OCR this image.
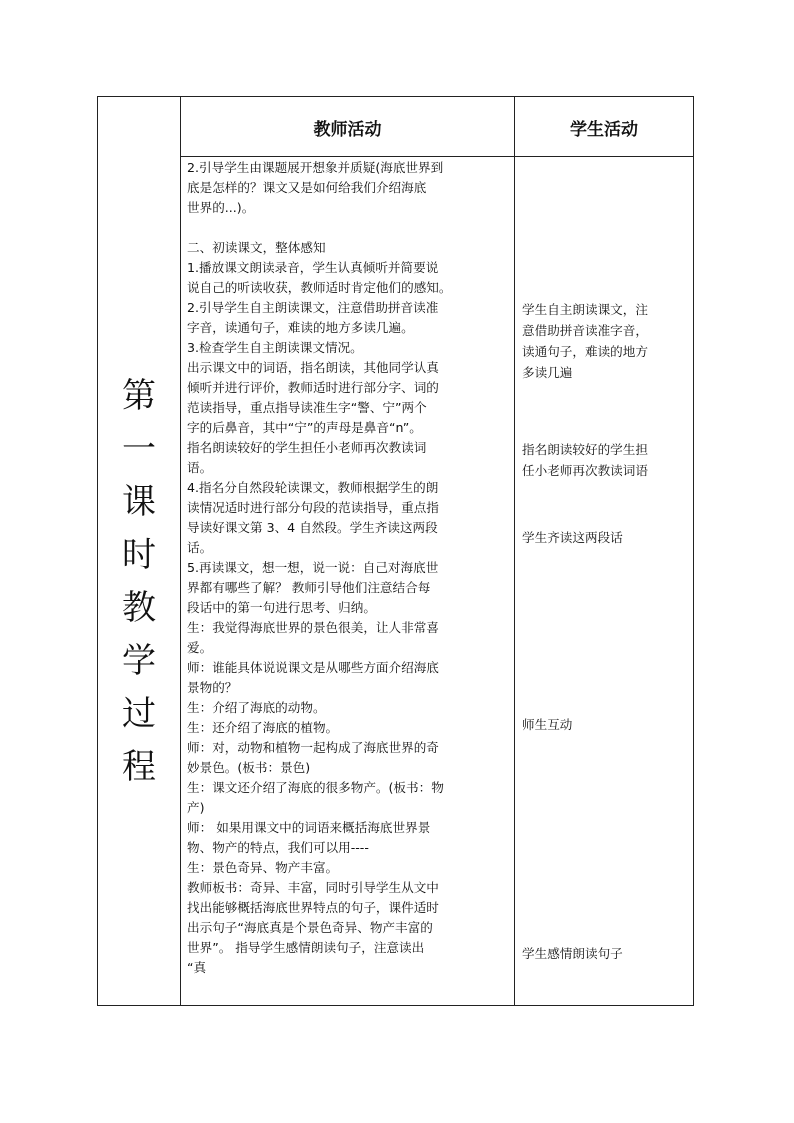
教师活动	学生活动
第
一
课
时
教
学
过
程
2.引导学生由课题展开想象并质疑(海底世界到
底是怎样的？课文又是如何给我们介绍海底
世界的...)。
二、初读课文，整体感知
1.播放课文朗读录音，学生认真倾听并简要说
说自己的听读收获，教师适时肯定他们的感知。
2.引导学生自主朗读课文，注意借助拼音读准
字音，读通句子，难读的地方多读几遍。
3.检查学生自主朗读课文情况。
出示课文中的词语，指名朗读，其他同学认真
倾听并进行评价，教师适时进行部分字、词的
范读指导，重点指导读准生字“警、宁”两个
字的后鼻音，其中“宁”的声母是鼻音“n”。
指名朗读较好的学生担任小老师再次教读词
语。
4.指名分自然段轮读课文，教师根据学生的朗
读情况适时进行部分句段的范读指导，重点指
导读好课文第 3、4 自然段。学生齐读这两段
话。
5.再读课文，想一想，说一说：自己对海底世
界都有哪些了解？ 教师引导他们注意结合每
段话中的第一句进行思考、归纳。
生：我觉得海底世界的景色很美，让人非常喜
爱。
师：谁能具体说说课文是从哪些方面介绍海底
景物的？
生：介绍了海底的动物。
生：还介绍了海底的植物。
师：对，动物和植物一起构成了海底世界的奇
妙景色。(板书：景色)
生：课文还介绍了海底的很多物产。(板书：物
产)
师： 如果用课文中的词语来概括海底世界景
物、物产的特点，我们可以用----
生：景色奇异、物产丰富。
教师板书：奇异、丰富，同时引导学生从文中
找出能够概括海底世界特点的句子，课件适时
出示句子“海底真是个景色奇异、物产丰富的
世界”。 指导学生感情朗读句子，注意读出
“真
学生自主朗读课文，注
意借助拼音读准字音，
读通句子，难读的地方
多读几遍
指名朗读较好的学生担
任小老师再次教读词语
学生齐读这两段话
师生互动
学生感情朗读句子
